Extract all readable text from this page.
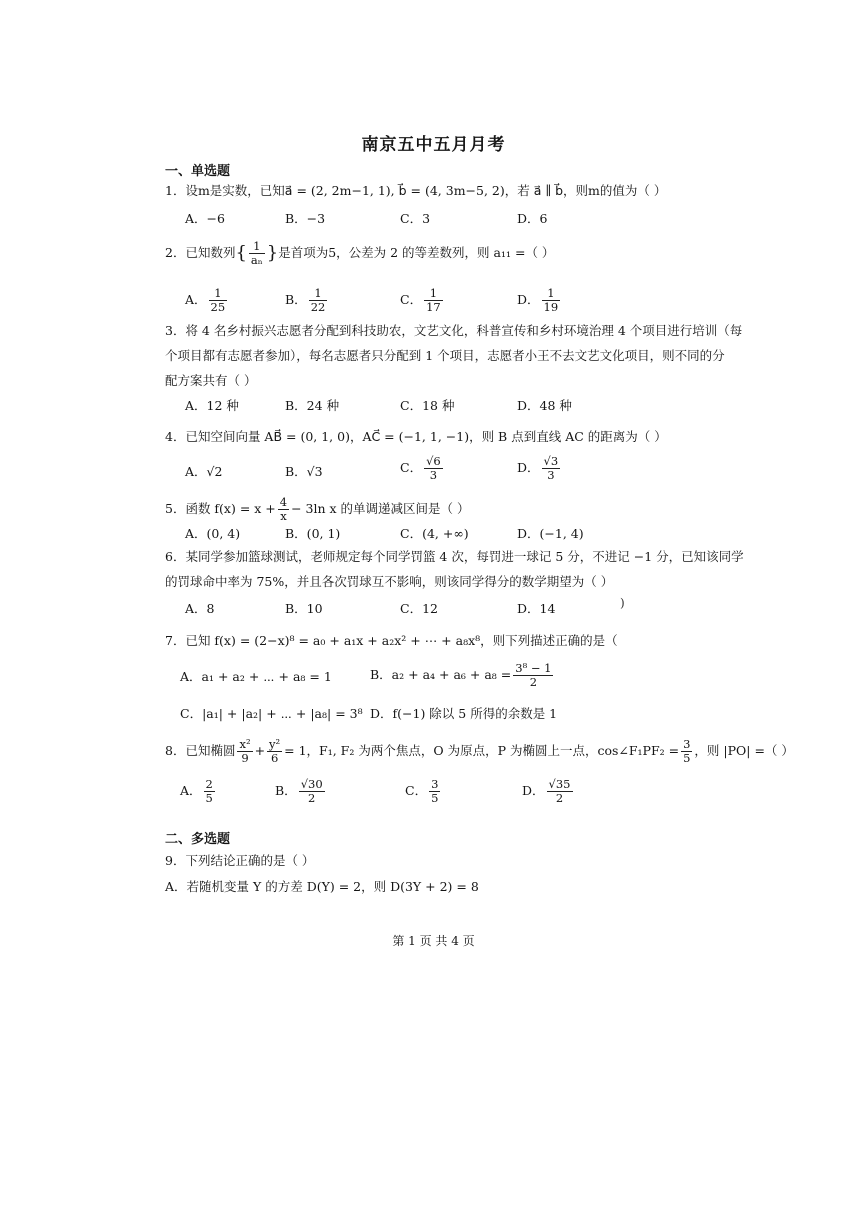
南京五中五月月考
一、单选题
1．设m是实数，已知a⃗ = (2, 2m−1, 1), b⃗ = (4, 3m−5, 2)，若 a⃗ ∥ b⃗，则m的值为（ ）
A．−6	B．−3	C．3	D．6
2．已知数列{ $\frac{1}{\text{aₙ}}$ }是首项为5，公差为 2 的等差数列，则 a₁₁ =（ ）
A． $\frac{1}{25}$	B． $\frac{1}{22}$	C． $\frac{1}{17}$	D． $\frac{1}{19}$
3．将 4 名乡村振兴志愿者分配到科技助农，文艺文化，科普宣传和乡村环境治理 4 个项目进行培训（每
个项目都有志愿者参加），每名志愿者只分配到 1 个项目，志愿者小王不去文艺文化项目，则不同的分
配方案共有（ ）
A．12 种	B．24 种	C．18 种	D．48 种
4．已知空间向量 AB⃗ = (0, 1, 0)，AC⃗ = (−1, 1, −1)，则 B 点到直线 AC 的距离为（ ）
A．√2	B．√3	C． $\frac{√6}{3}$	D． $\frac{√3}{3}$
5．函数 $f(x) = x + \frac{4}{x} - 3\ln$ x 的单调递减区间是（ ）
A．(0, 4)	B．(0, 1)	C．(4, +∞)	D．(−1, 4)
6．某同学参加篮球测试，老师规定每个同学罚篮 4 次，每罚进一球记 5 分，不进记 −1 分，已知该同学
的罚球命中率为 75%，并且各次罚球互不影响，则该同学得分的数学期望为（ ）
A．8	B．10	C．12	D．14	)
7．已知 f(x) = (2−x)⁸ = a₀ + a₁x + a₂x² + ⋯ + a₈x⁸，则下列描述正确的是（
A．a₁ + a₂ + ⋯ + a₈ = 1	B．$a_2 + a_4 + a_6 + a_8 = \frac{\text{3⁸ − 1}}{2}$
C．|a₁| + |a₂| + ⋯ + |a₈| = 3⁸ D．f(−1) 除以 5 所得的余数是 1
8．已知椭圆 $\frac{\text{x²}}{9} + \frac{\text{y²}}{6} = 1$，F₁, F₂ 为两个焦点，O 为原点，P 为椭圆上一点，cos∠F₁PF₂ = $\frac{3}{5}$ ，则 |PO| =（ ）
A． $\frac{2}{5}$	B． $\frac{√30}{2}$	C． $\frac{3}{5}$	D． $\frac{√35}{2}$
二、多选题
9．下列结论正确的是（ ）
A．若随机变量 Y 的方差 D(Y) = 2，则 D(3Y + 2) = 8
第 1 页 共 4 页
